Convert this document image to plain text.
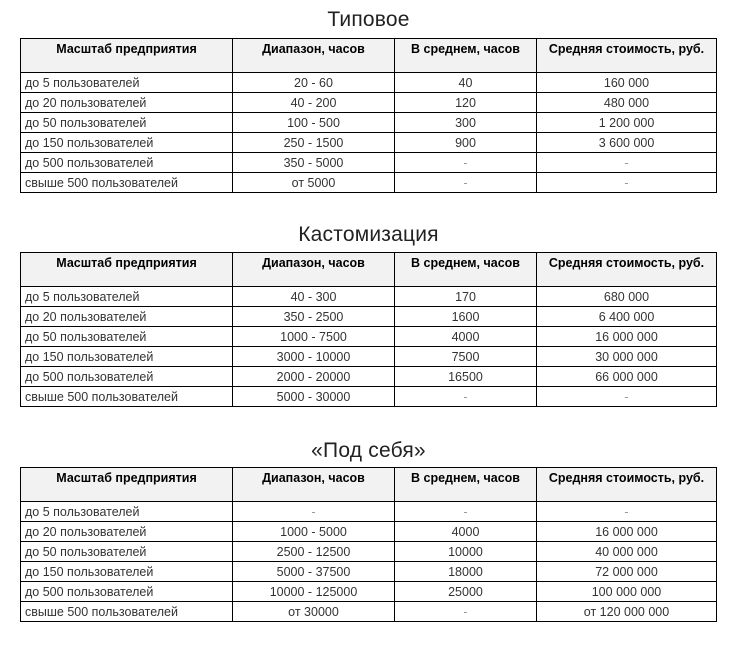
Типовое
Масштаб предприятия	Диапазон, часов	В среднем, часов	Средняя стоимость, руб.
до 5 пользователей	20 - 60	40	160 000
до 20 пользователей	40 - 200	120	480 000
до 50 пользователей	100 - 500	300	1 200 000
до 150 пользователей	250 - 1500	900	3 600 000
до 500 пользователей	350 - 5000	-	-
свыше 500 пользователей	от 5000	-	-
Кастомизация
Масштаб предприятия	Диапазон, часов	В среднем, часов	Средняя стоимость, руб.
до 5 пользователей	40 - 300	170	680 000
до 20 пользователей	350 - 2500	1600	6 400 000
до 50 пользователей	1000 - 7500	4000	16 000 000
до 150 пользователей	3000 - 10000	7500	30 000 000
до 500 пользователей	2000 - 20000	16500	66 000 000
свыше 500 пользователей	5000 - 30000	-	-
«Под себя»
Масштаб предприятия	Диапазон, часов	В среднем, часов	Средняя стоимость, руб.
до 5 пользователей	-	-	-
до 20 пользователей	1000 - 5000	4000	16 000 000
до 50 пользователей	2500 - 12500	10000	40 000 000
до 150 пользователей	5000 - 37500	18000	72 000 000
до 500 пользователей	10000 - 125000	25000	100 000 000
свыше 500 пользователей	от 30000	-	от 120 000 000
